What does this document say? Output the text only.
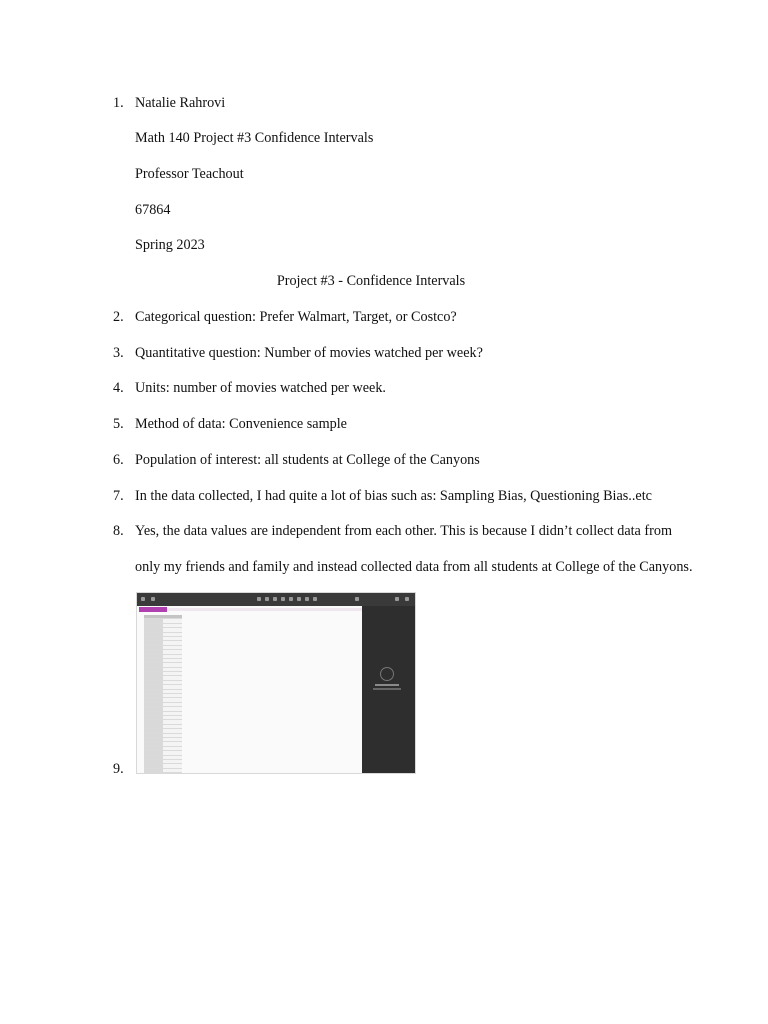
1. Natalie Rahrovi
Math 140 Project #3 Confidence Intervals
Professor Teachout
67864
Spring 2023
Project #3 - Confidence Intervals
2. Categorical question: Prefer Walmart, Target, or Costco?
3. Quantitative question: Number of movies watched per week?
4. Units: number of movies watched per week.
5. Method of data: Convenience sample
6. Population of interest: all students at College of the Canyons
7. In the data collected, I had quite a lot of bias such as: Sampling Bias, Questioning Bias..etc
8. Yes, the data values are independent from each other. This is because I didn’t collect data from
only my friends and family and instead collected data from all students at College of the Canyons.
9.
